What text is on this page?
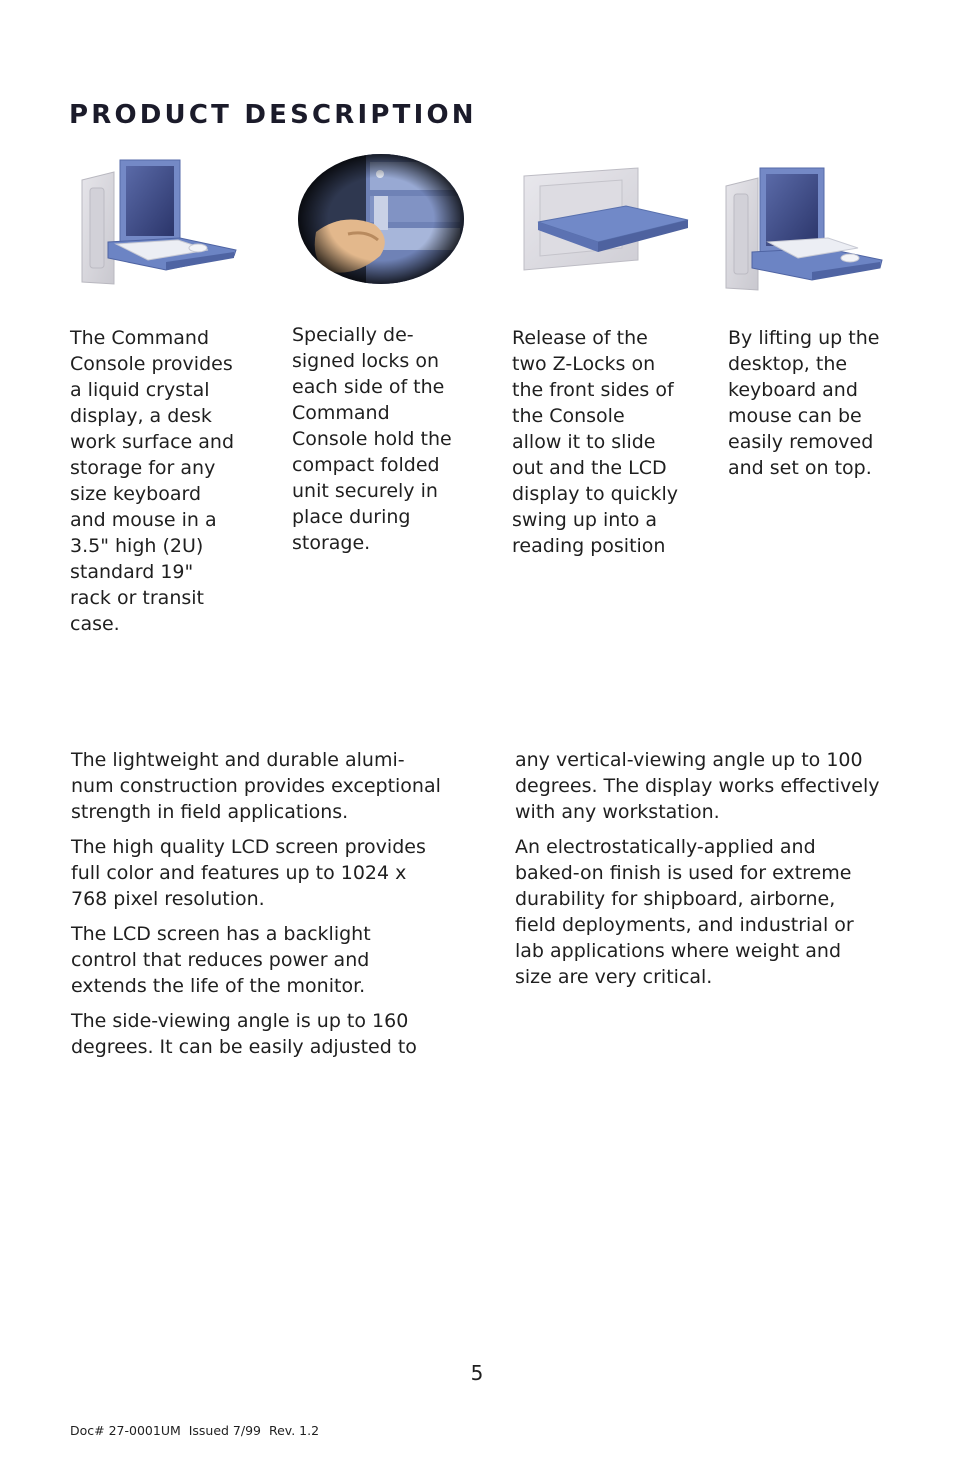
PRODUCT DESCRIPTION

The Command
Console provides
a liquid crystal
display, a desk
work surface and
storage for any
size keyboard
and mouse in a
3.5" high (2U)
standard 19"
rack or transit
case.

Specially de-
signed locks on
each side of the
Command
Console hold the
compact folded
unit securely in
place during
storage.

Release of the
two Z-Locks on
the front sides of
the Console
allow it to slide
out and the LCD
display to quickly
swing up into a
reading position

By lifting up the
desktop, the
keyboard and
mouse can be
easily removed
and set on top.

The lightweight and durable alumi-
num construction provides exceptional
strength in field applications.

The high quality LCD screen provides
full color and features up to 1024 x
768 pixel resolution.

The LCD screen has a backlight
control that reduces power and
extends the life of the monitor.

The side-viewing angle is up to 160
degrees. It can be easily adjusted to

any vertical-viewing angle up to 100
degrees. The display works effectively
with any workstation.

An electrostatically-applied and
baked-on finish is used for extreme
durability for shipboard, airborne,
field deployments, and industrial or
lab applications where weight and
size are very critical.

5
Doc# 27-0001UM  Issued 7/99  Rev. 1.2
